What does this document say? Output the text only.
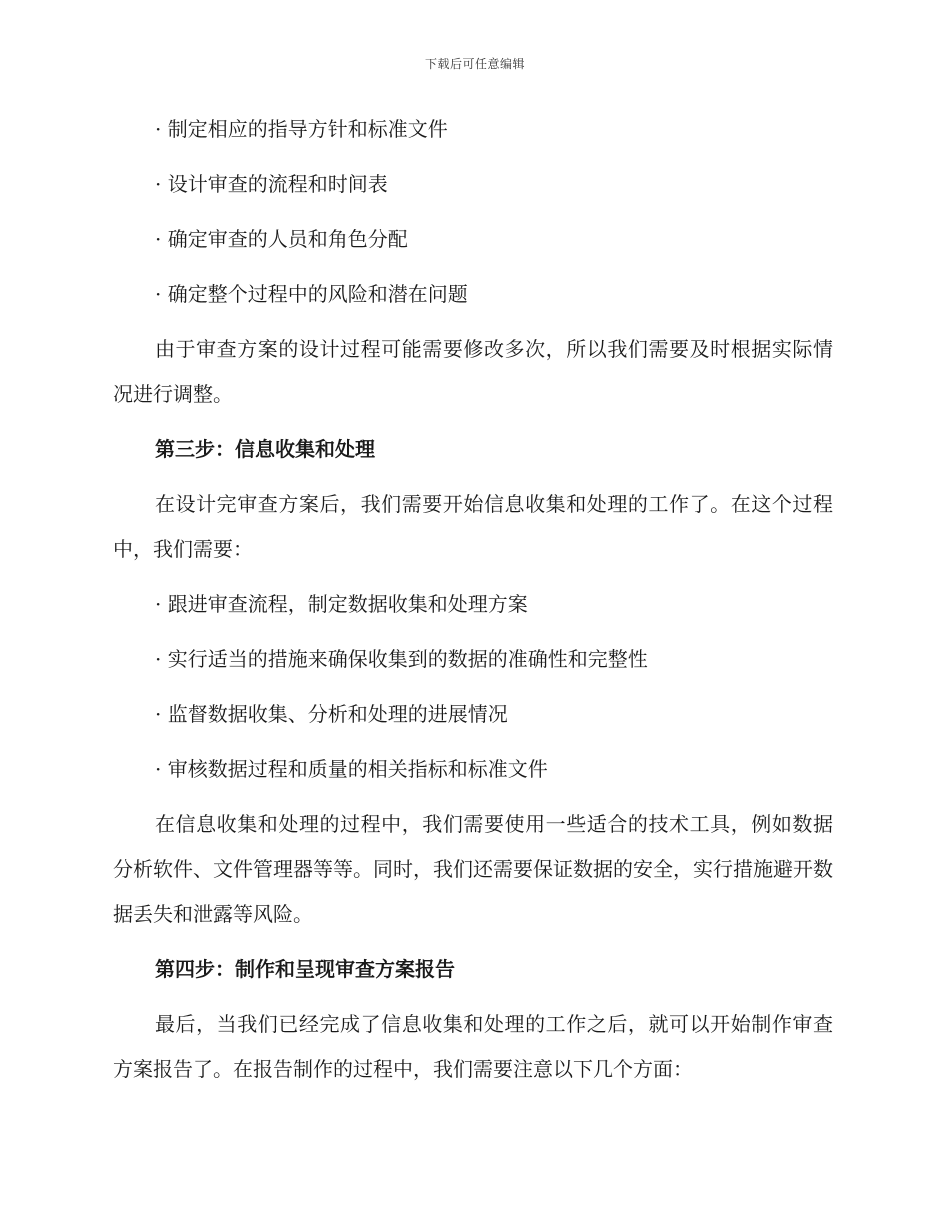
下载后可任意编辑

· 制定相应的指导方针和标准文件

· 设计审查的流程和时间表

· 确定审查的人员和角色分配

· 确定整个过程中的风险和潜在问题

由于审查方案的设计过程可能需要修改多次，所以我们需要及时根据实际情况进行调整。

第三步：信息收集和处理

在设计完审查方案后，我们需要开始信息收集和处理的工作了。在这个过程中，我们需要：

· 跟进审查流程，制定数据收集和处理方案

· 实行适当的措施来确保收集到的数据的准确性和完整性

· 监督数据收集、分析和处理的进展情况

· 审核数据过程和质量的相关指标和标准文件

在信息收集和处理的过程中，我们需要使用一些适合的技术工具，例如数据分析软件、文件管理器等等。同时，我们还需要保证数据的安全，实行措施避开数据丢失和泄露等风险。

第四步：制作和呈现审查方案报告

最后，当我们已经完成了信息收集和处理的工作之后，就可以开始制作审查方案报告了。在报告制作的过程中，我们需要注意以下几个方面：
